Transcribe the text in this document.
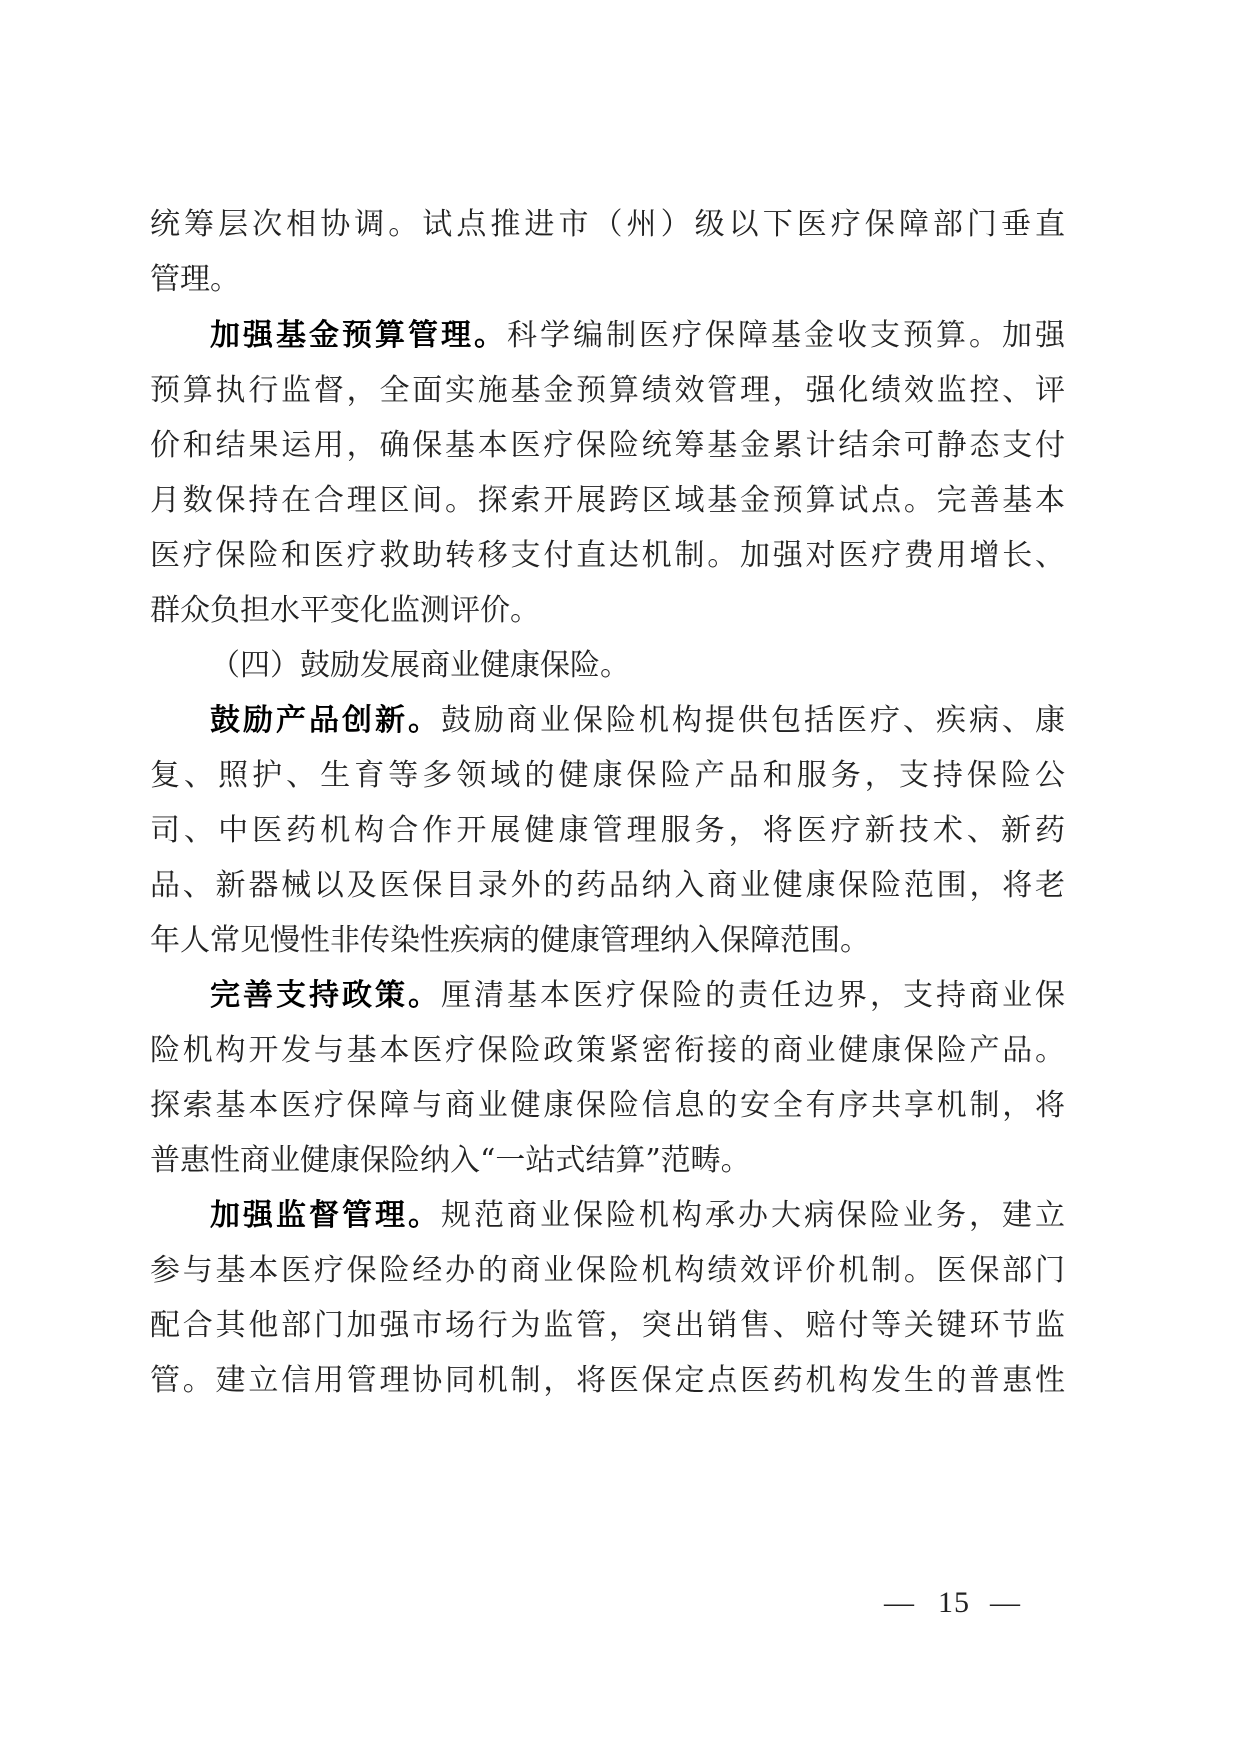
统筹层次相协调。试点推进市（州）级以下医疗保障部门垂直
管理。
加强基金预算管理。科学编制医疗保障基金收支预算。加强
预算执行监督，全面实施基金预算绩效管理，强化绩效监控、评
价和结果运用，确保基本医疗保险统筹基金累计结余可静态支付
月数保持在合理区间。探索开展跨区域基金预算试点。完善基本
医疗保险和医疗救助转移支付直达机制。加强对医疗费用增长、
群众负担水平变化监测评价。
（四）鼓励发展商业健康保险。
鼓励产品创新。鼓励商业保险机构提供包括医疗、疾病、康
复、照护、生育等多领域的健康保险产品和服务，支持保险公
司、中医药机构合作开展健康管理服务，将医疗新技术、新药
品、新器械以及医保目录外的药品纳入商业健康保险范围，将老
年人常见慢性非传染性疾病的健康管理纳入保障范围。
完善支持政策。厘清基本医疗保险的责任边界，支持商业保
险机构开发与基本医疗保险政策紧密衔接的商业健康保险产品。
探索基本医疗保障与商业健康保险信息的安全有序共享机制，将
普惠性商业健康保险纳入“一站式结算”范畴。
加强监督管理。规范商业保险机构承办大病保险业务，建立
参与基本医疗保险经办的商业保险机构绩效评价机制。医保部门
配合其他部门加强市场行为监管，突出销售、赔付等关键环节监
管。建立信用管理协同机制，将医保定点医药机构发生的普惠性
— 15 —
